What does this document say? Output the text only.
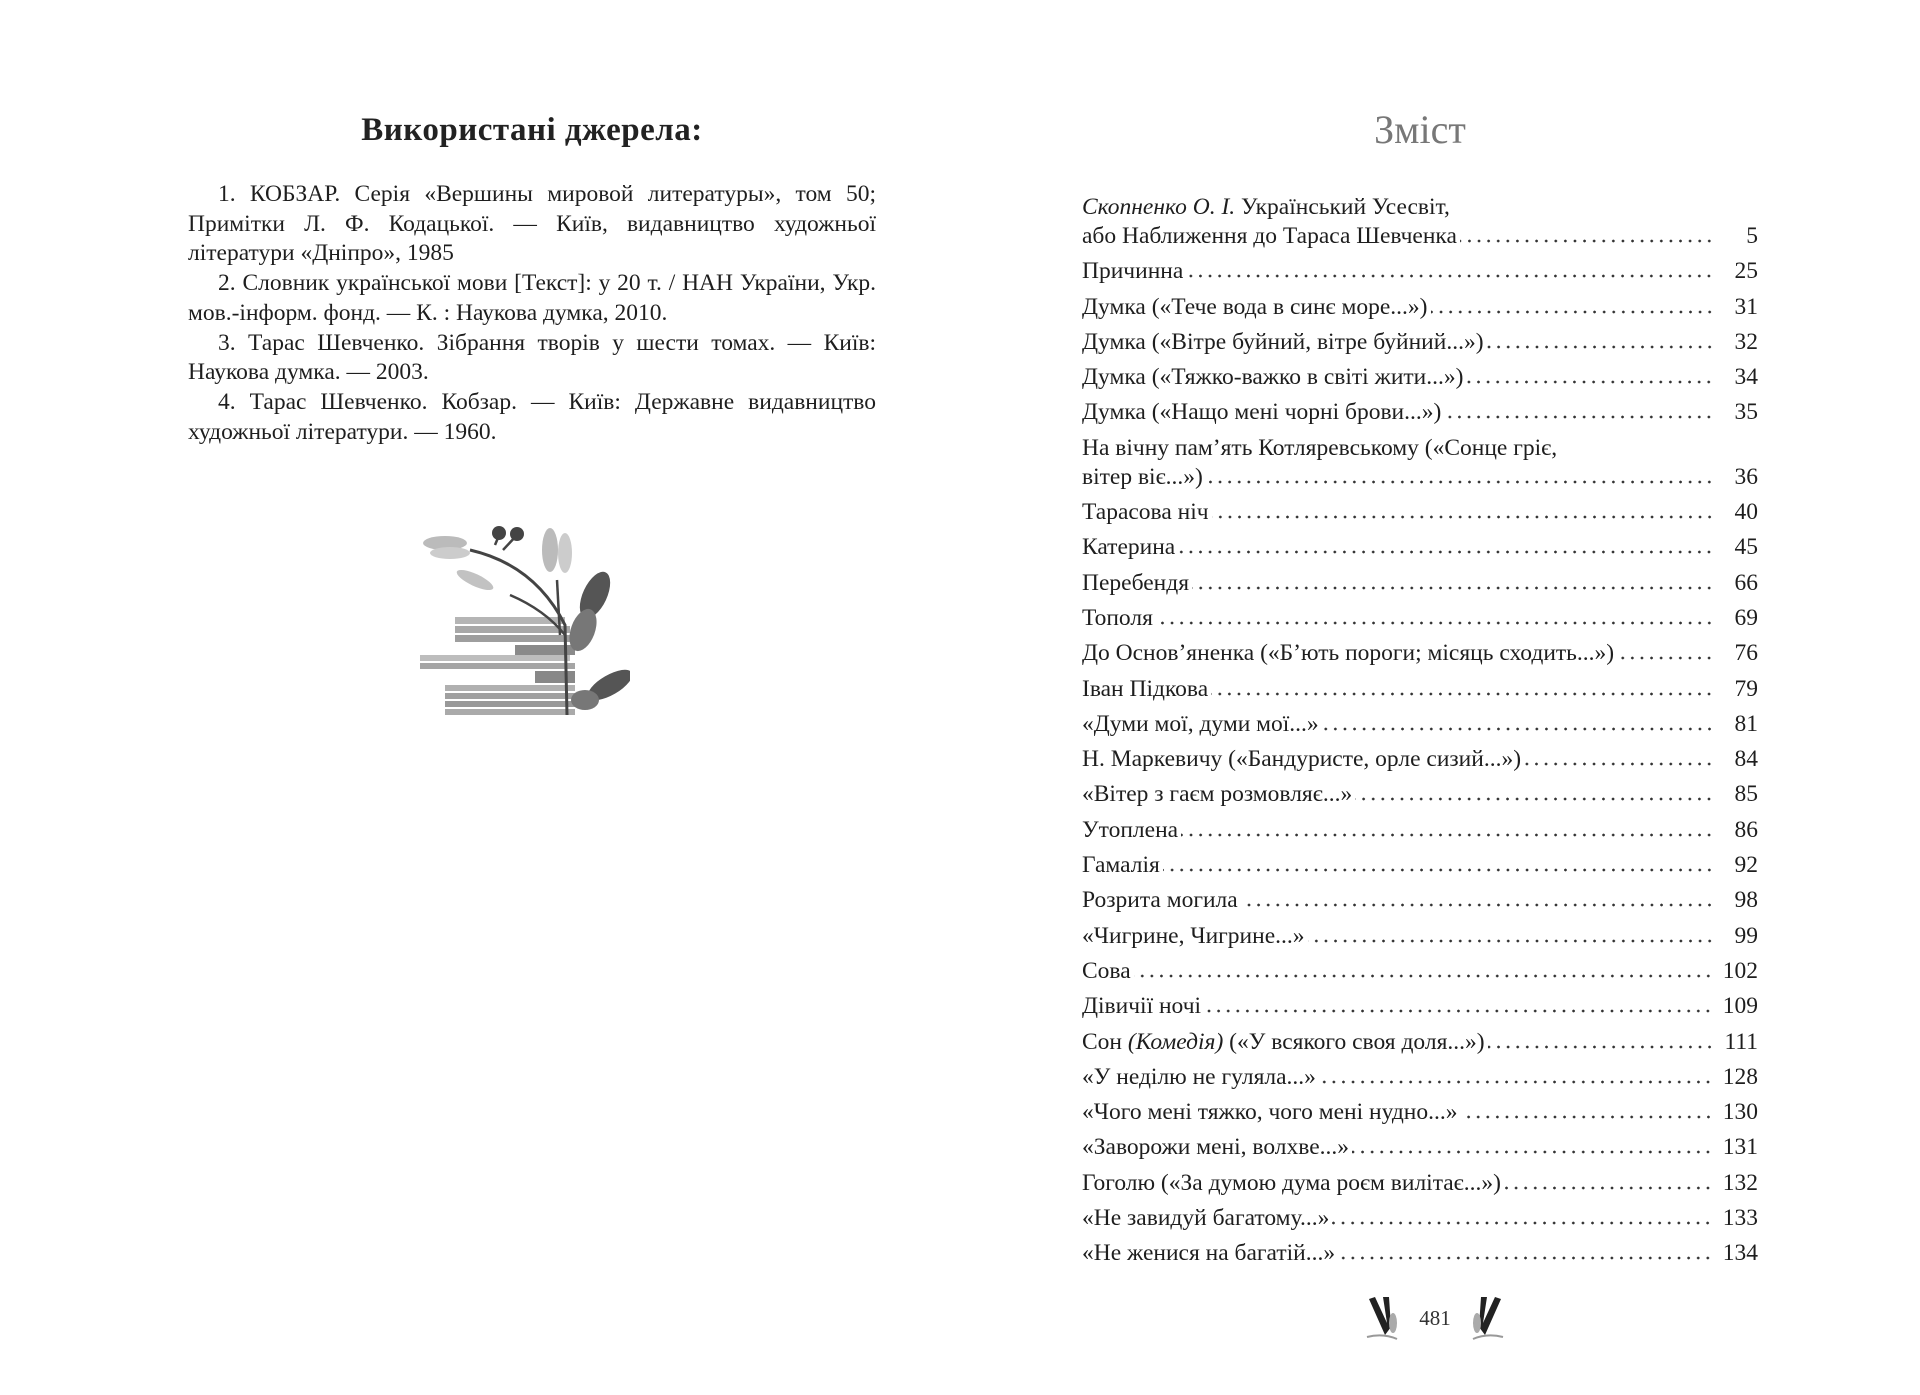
Використані джерела:

1. КОБЗАР. Серія «Вершины мировой литературы», том 50; Примітки Л. Ф. Кодацької. — Київ, видавництво художньої літератури «Дніпро», 1985

2. Словник української мови [Текст]: у 20 т. / НАН України, Укр. мов.-інформ. фонд. — К. : Наукова думка, 2010.

3. Тарас Шевченко. Зібрання творів у шести томах. — Київ: Наукова думка. — 2003.

4. Тарас Шевченко. Кобзар. — Київ: Державне видавництво художньої літератури. — 1960.

Зміст
Скопненко О. І. Український Усесвіт,
або Наближення до Тараса Шевченка	5
Причинна	25
Думка («Тече вода в синє море...»)	31
Думка («Вітре буйний, вітре буйний...»)	32
Думка («Тяжко-важко в світі жити...»)	34
Думка («Нащо мені чорні брови...»)	35
На вічну пам’ять Котляревському («Сонце гріє,
вітер віє...»)	36
Тарасова ніч	40
Катерина	45
Перебендя	66
Тополя	69
До Основ’яненка («Б’ють пороги; місяць сходить...»)	76
Іван Підкова	79
«Думи мої, думи мої...»	81
Н. Маркевичу («Бандуристе, орле сизий...»)	84
«Вітер з гаєм розмовляє...»	85
Утоплена	86
Гамалія	92
Розрита могила	98
«Чигрине, Чигрине...»	99
Сова	102
Дівичії ночі	109
Сон (Комедія) («У всякого своя доля...»)	111
«У неділю не гуляла...»	128
«Чого мені тяжко, чого мені нудно...»	130
«Заворожи мені, волхве...»	131
Гоголю («За думою дума роєм вилітає...»)	132
«Не завидуй багатому...»	133
«Не женися на багатій...»	134
481
